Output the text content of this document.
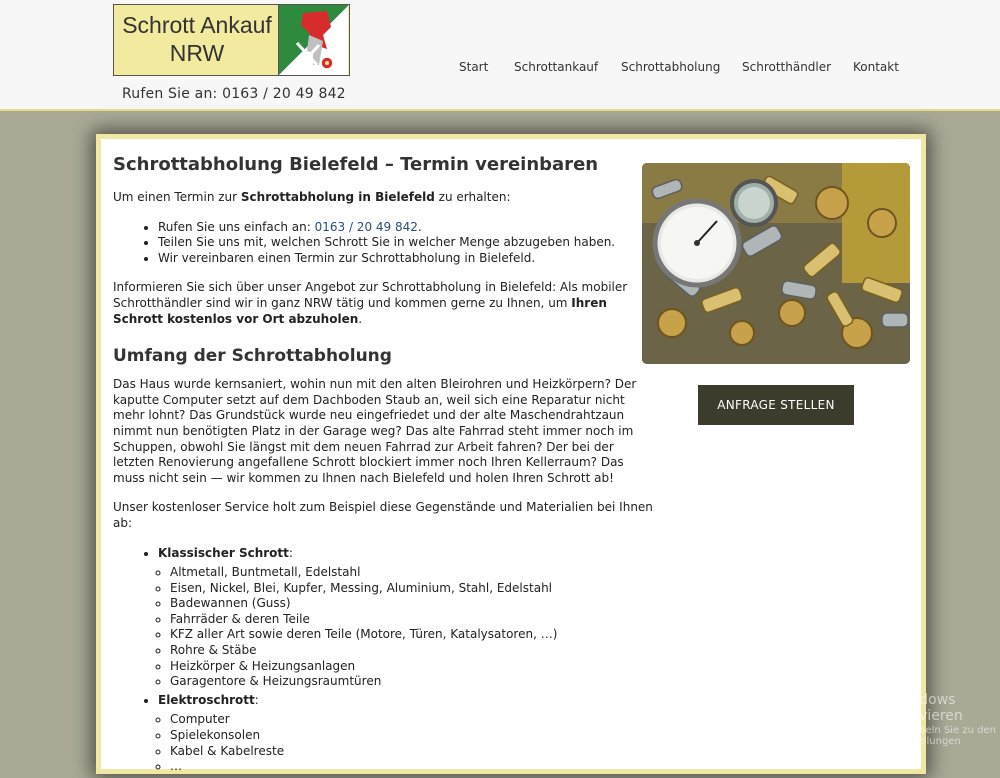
Schrott Ankauf NRW
Rufen Sie an: 0163 / 20 49 842
Start Schrottankauf Schrottabholung Schrotthändler Kontakt
Schrottabholung Bielefeld – Termin vereinbaren

Um einen Termin zur Schrottabholung in Bielefeld zu erhalten:

• Rufen Sie uns einfach an: 0163 / 20 49 842.
• Teilen Sie uns mit, welchen Schrott Sie in welcher Menge abzugeben haben.
• Wir vereinbaren einen Termin zur Schrottabholung in Bielefeld.

Informieren Sie sich über unser Angebot zur Schrottabholung in Bielefeld: Als mobiler Schrotthändler sind wir in ganz NRW tätig und kommen gerne zu Ihnen, um Ihren Schrott kostenlos vor Ort abzuholen.

Umfang der Schrottabholung

Das Haus wurde kernsaniert, wohin nun mit den alten Bleirohren und Heizkörpern? Der kaputte Computer setzt auf dem Dachboden Staub an, weil sich eine Reparatur nicht mehr lohnt? Das Grundstück wurde neu eingefriedet und der alte Maschendrahtzaun nimmt nun benötigten Platz in der Garage weg? Das alte Fahrrad steht immer noch im Schuppen, obwohl Sie längst mit dem neuen Fahrrad zur Arbeit fahren? Der bei der letzten Renovierung angefallene Schrott blockiert immer noch Ihren Kellerraum? Das muss nicht sein — wir kommen zu Ihnen nach Bielefeld und holen Ihren Schrott ab!

Unser kostenloser Service holt zum Beispiel diese Gegenstände und Materialien bei Ihnen ab:

• Klassischer Schrott:
◦ Altmetall, Buntmetall, Edelstahl
◦ Eisen, Nickel, Blei, Kupfer, Messing, Aluminium, Stahl, Edelstahl
◦ Badewannen (Guss)
◦ Fahrräder & deren Teile
◦ KFZ aller Art sowie deren Teile (Motore, Türen, Katalysatoren, …)
◦ Rohre & Stäbe
◦ Heizkörper & Heizungsanlagen
◦ Garagentore & Heizungsraumtüren
• Elektroschrott:
◦ Computer
◦ Spielekonsolen
◦ Kabel & Kabelreste
◦ …
ANFRAGE STELLEN
Windows aktivieren
Wechseln Sie zu den Einstellungen
